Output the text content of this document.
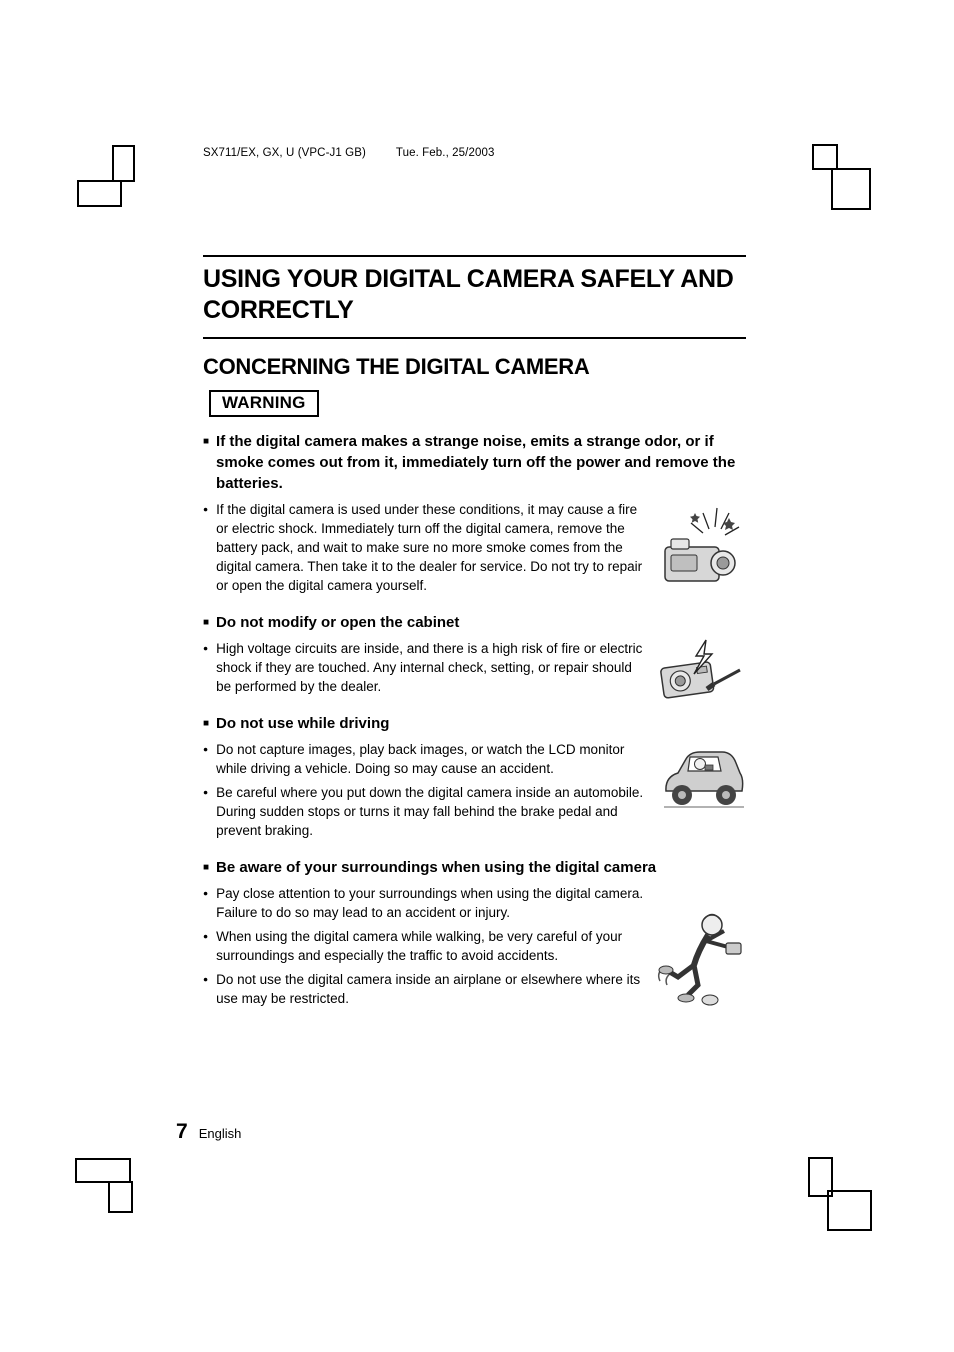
SX711/EX, GX, U (VPC-J1 GB)	Tue. Feb., 25/2003
USING YOUR DIGITAL CAMERA SAFELY AND
CORRECTLY
CONCERNING THE DIGITAL CAMERA
WARNING
■ If the digital camera makes a strange noise, emits a strange odor, or if smoke comes out from it, immediately turn off the power and remove the batteries.
● If the digital camera is used under these conditions, it may cause a fire or electric shock. Immediately turn off the digital camera, remove the battery pack, and wait to make sure no more smoke comes from the digital camera. Then take it to the dealer for service. Do not try to repair or open the digital camera yourself.
■ Do not modify or open the cabinet
● High voltage circuits are inside, and there is a high risk of fire or electric shock if they are touched. Any internal check, setting, or repair should be performed by the dealer.
■ Do not use while driving
● Do not capture images, play back images, or watch the LCD monitor while driving a vehicle. Doing so may cause an accident.
● Be careful where you put down the digital camera inside an automobile. During sudden stops or turns it may fall behind the brake pedal and prevent braking.
■ Be aware of your surroundings when using the digital camera
● Pay close attention to your surroundings when using the digital camera. Failure to do so may lead to an accident or injury.
● When using the digital camera while walking, be very careful of your surroundings and especially the traffic to avoid accidents.
● Do not use the digital camera inside an airplane or elsewhere where its use may be restricted.
7 English
